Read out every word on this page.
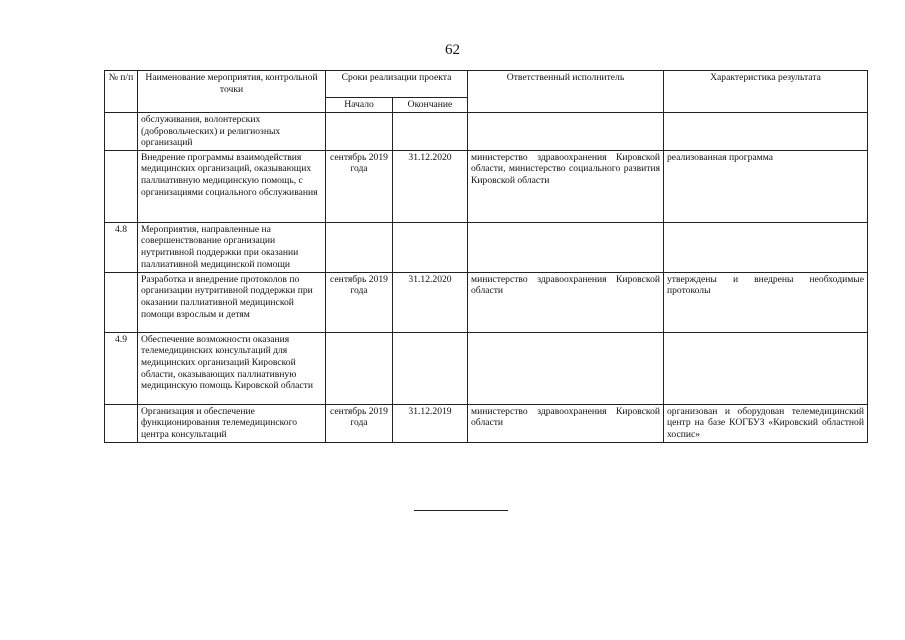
62
№ п/п	Наименование мероприятия, контрольной точки	Сроки реализации проекта		Ответственный исполнитель	Характеристика результата
		Начало	Окончание		
	обслуживания, волонтерских (добровольческих) и религиозных организаций				
	Внедрение программы взаимодействия медицинских организаций, оказывающих паллиативную медицинскую помощь, с организациями социального обслуживания	сентябрь 2019 года	31.12.2020	министерство здравоохранения Кировской области, министерство социального развития Кировской области	реализованная программа
4.8	Мероприятия, направленные на совершенствование организации нутритивной поддержки при оказании паллиативной медицинской помощи				
	Разработка и внедрение протоколов по организации нутритивной поддержки при оказании паллиативной медицинской помощи взрослым и детям	сентябрь 2019 года	31.12.2020	министерство здравоохранения Кировской области	утверждены и внедрены необходимые протоколы
4.9	Обеспечение возможности оказания телемедицинских консультаций для медицинских организаций Кировской области, оказывающих паллиативную медицинскую помощь Кировской области				
	Организация и обеспечение функционирования телемедицинского центра консультаций	сентябрь 2019 года	31.12.2019	министерство здравоохранения Кировской области	организован и оборудован телемедицинский центр на базе КОГБУЗ «Кировский областной хоспис»
